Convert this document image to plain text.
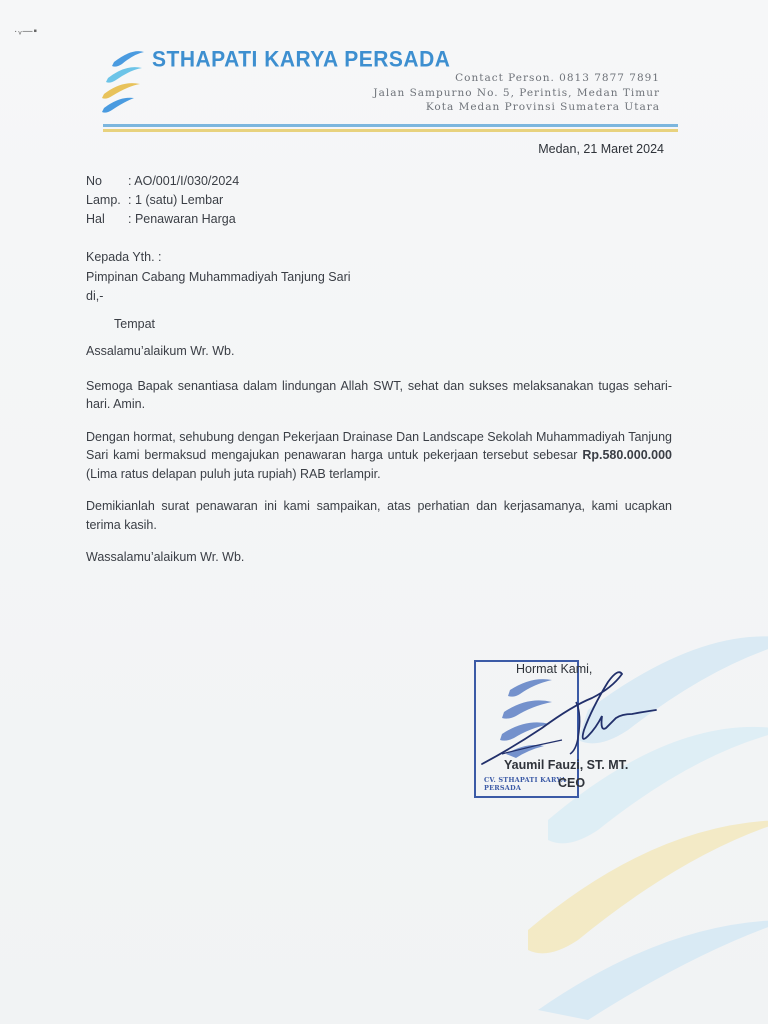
·ᵥ—▪
STHAPATI KARYA PERSADA
Contact Person. 0813 7877 7891
Jalan Sampurno No. 5, Perintis, Medan Timur
Kota Medan Provinsi Sumatera Utara
Medan, 21 Maret 2024
No	: AO/001/I/030/2024
Lamp. : 1 (satu) Lembar
Hal	: Penawaran Harga
Kepada Yth. :
Pimpinan Cabang Muhammadiyah Tanjung Sari
di,-
Tempat

Assalamu’alaikum Wr. Wb.

Semoga Bapak senantiasa dalam lindungan Allah SWT, sehat dan sukses melaksanakan tugas sehari-hari. Amin.

Dengan hormat, sehubung dengan Pekerjaan Drainase Dan Landscape Sekolah Muhammadiyah Tanjung Sari kami bermaksud mengajukan penawaran harga untuk pekerjaan tersebut sebesar Rp.580.000.000 (Lima ratus delapan puluh juta rupiah) RAB terlampir.

Demikianlah surat penawaran ini kami sampaikan, atas perhatian dan kerjasamanya, kami ucapkan terima kasih.

Wassalamu’alaikum Wr. Wb.

CV. STHAPATI KARYA PERSADA
Hormat Kami,
Yaumil Fauzi, ST. MT.
CEO
